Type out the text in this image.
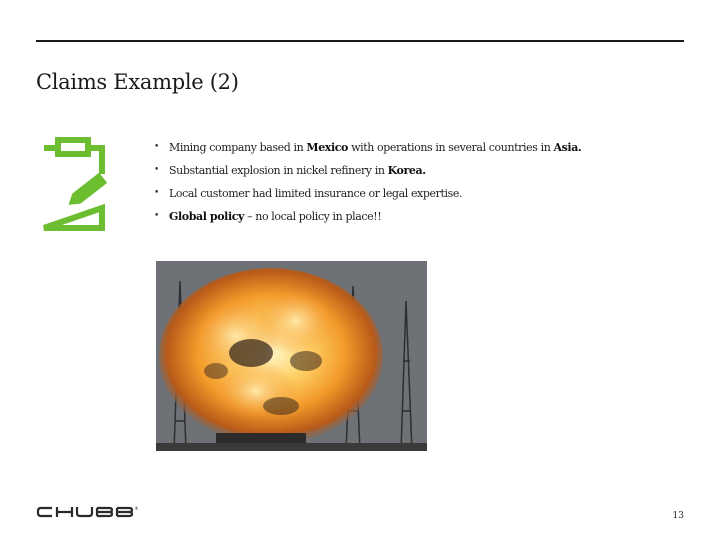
Claims Example (2)
• Mining company based in Mexico with operations in several countries in Asia.
• Substantial explosion in nickel refinery in Korea.
• Local customer had limited insurance or legal expertise.
• Global policy – no local policy in place!!
®
13
